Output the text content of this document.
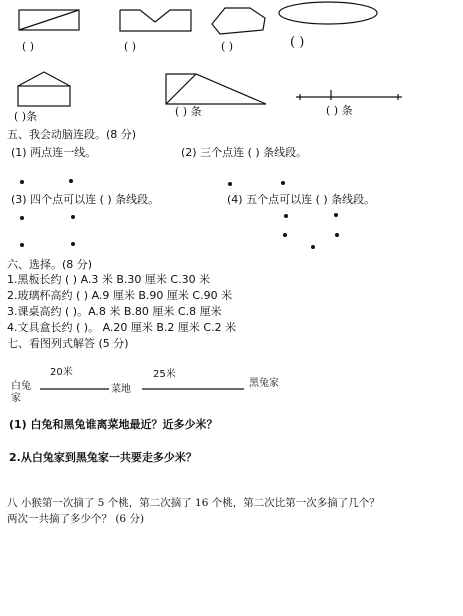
( )	( )	( )	( )
( )条	( ) 条	( ) 条
五、我会动脑连段。(8 分)
(1) 两点连一线。	(2) 三个点连 ( ) 条线段。
(3) 四个点可以连 ( ) 条线段。	(4) 五个点可以连 ( ) 条线段。
六、选择。(8 分)
1.黑板长约 ( ) A.3 米 B.30 厘米 C.30 米
2.玻璃杯高约 ( ) A.9 厘米 B.90 厘米 C.90 米
3.课桌高约 ( )。A.8 米 B.80 厘米 C.8 厘米
4.文具盒长约 ( )。 A.20 厘米 B.2 厘米 C.2 米
七、看图列式解答 (5 分)
20米	25米
白兔
家
菜地
黑兔家
(1) 白兔和黑兔谁离菜地最近？近多少米？
2.从白兔家到黑兔家一共要走多少米？
八 小猴第一次摘了 5 个桃，第二次摘了 16 个桃，第二次比第一次多摘了几个？
两次一共摘了多少个？ (6 分)
